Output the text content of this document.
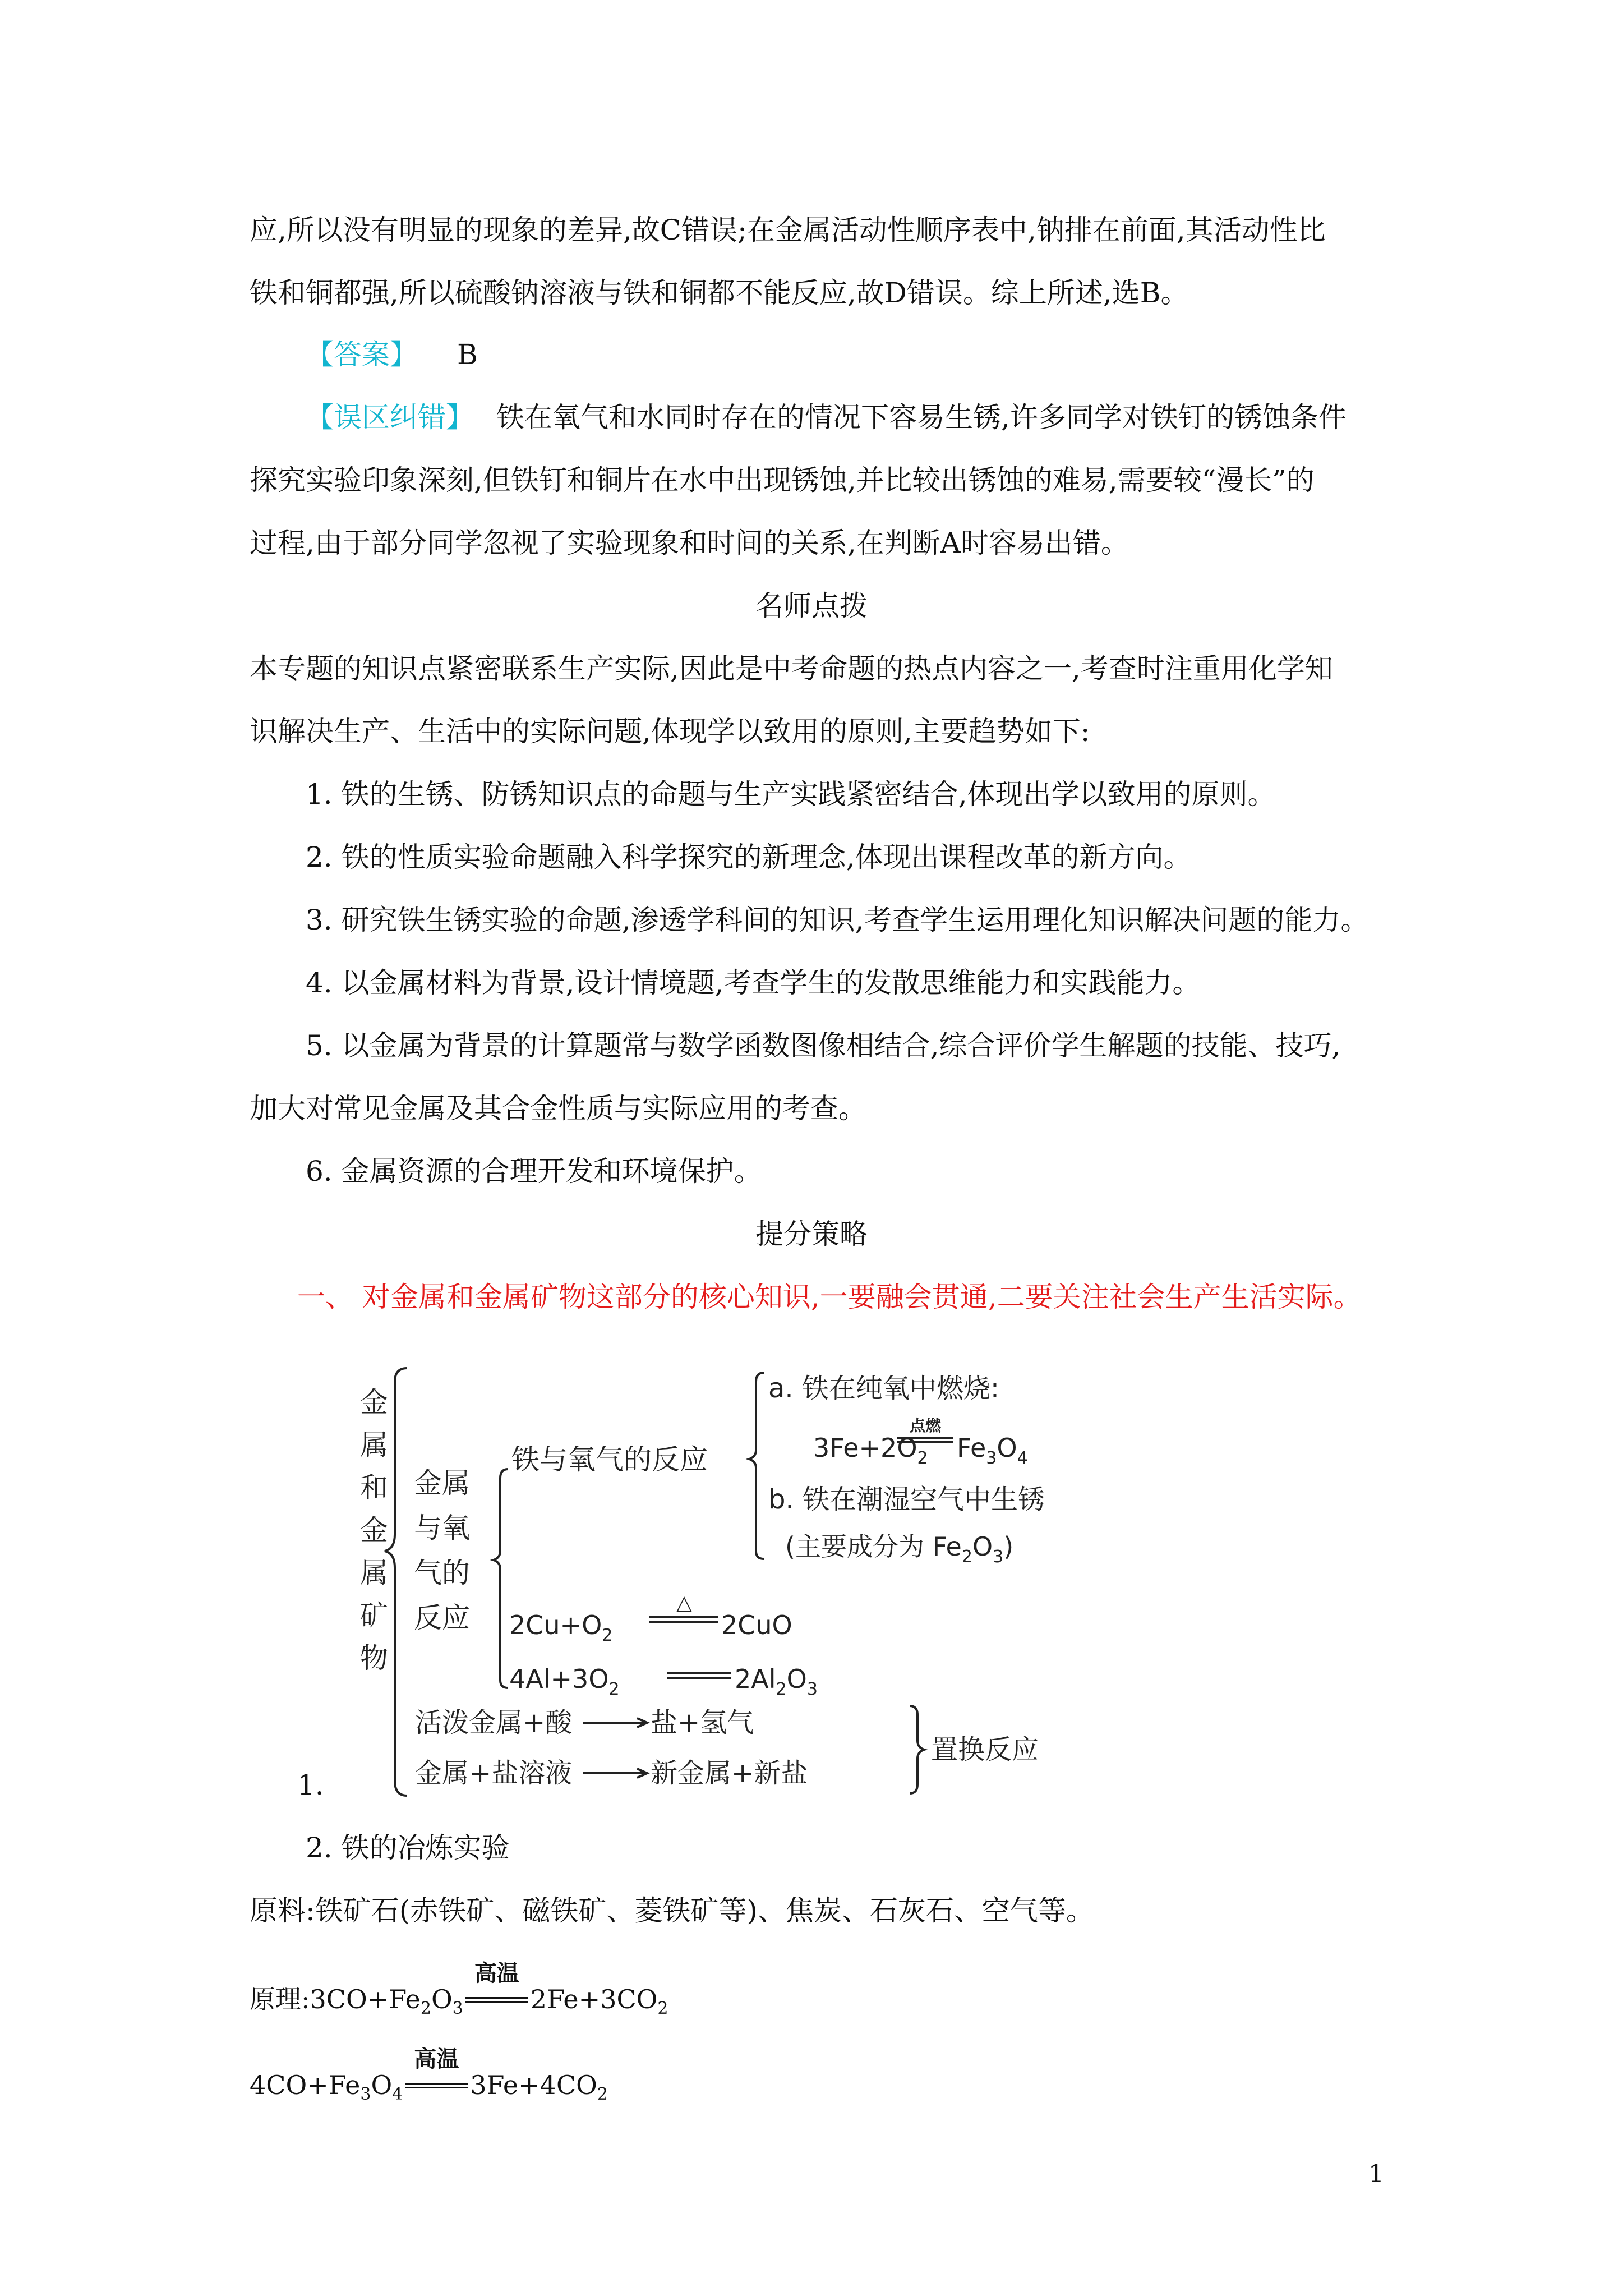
应,所以没有明显的现象的差异,故C错误;在金属活动性顺序表中,钠排在前面,其活动性比
铁和铜都强,所以硫酸钠溶液与铁和铜都不能反应,故D错误。综上所述,选B。
【答案】 B
【误区纠错】 铁在氧气和水同时存在的情况下容易生锈,许多同学对铁钉的锈蚀条件
探究实验印象深刻,但铁钉和铜片在水中出现锈蚀,并比较出锈蚀的难易,需要较“漫长”的
过程,由于部分同学忽视了实验现象和时间的关系,在判断A时容易出错。
名师点拨
本专题的知识点紧密联系生产实际,因此是中考命题的热点内容之一,考查时注重用化学知
识解决生产、生活中的实际问题,体现学以致用的原则,主要趋势如下:
1. 铁的生锈、防锈知识点的命题与生产实践紧密结合,体现出学以致用的原则。
2. 铁的性质实验命题融入科学探究的新理念,体现出课程改革的新方向。
3. 研究铁生锈实验的命题,渗透学科间的知识,考查学生运用理化知识解决问题的能力。
4. 以金属材料为背景,设计情境题,考查学生的发散思维能力和实践能力。
5. 以金属为背景的计算题常与数学函数图像相结合,综合评价学生解题的技能、技巧,
加大对常见金属及其合金性质与实际应用的考查。
6. 金属资源的合理开发和环境保护。
提分策略
一、 对金属和金属矿物这部分的核心知识,一要融会贯通,二要关注社会生产生活实际。
金
属
和
金
属
矿
物
金属
与氧
气的
反应
铁与氧气的反应
a. 铁在纯氧中燃烧:
$3Fe+2O_2$
点燃
$Fe_3O_4$
b. 铁在潮湿空气中生锈
(主要成分为 $Fe_2O_3$)
$2Cu+O_2$
△
2CuO
$4Al+3O_2$	$2Al_2O_3$
活泼金属+酸	盐+氢气
金属+盐溶液	新金属+新盐
置换反应
1.
2. 铁的冶炼实验
原料:铁矿石(赤铁矿、磁铁矿、菱铁矿等)、焦炭、石灰石、空气等。
原理$:3CO+Fe_2O_3$
高温
$2Fe+3CO_2$
$4CO+Fe_3O_4$
高温
$3Fe+4CO_2$
1
